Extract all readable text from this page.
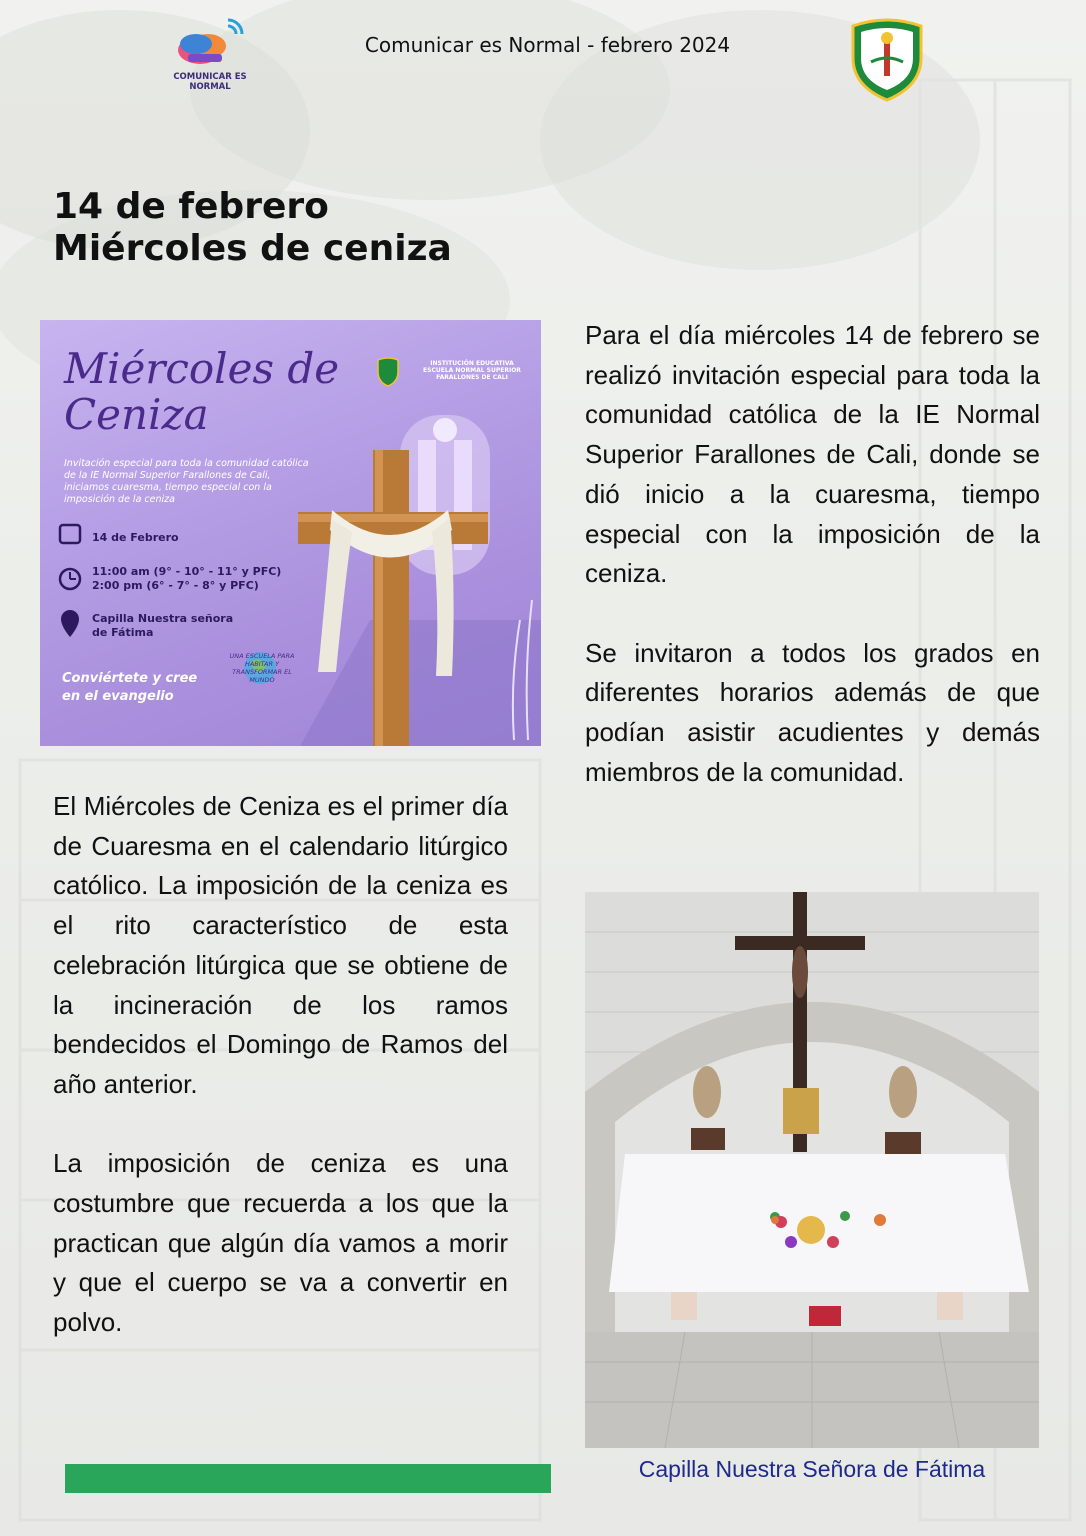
COMUNICAR ES NORMAL
Comunicar es Normal - febrero 2024
14 de febrero
Miércoles de ceniza
Miércoles de
Ceniza
INSTITUCIÓN EDUCATIVA ESCUELA NORMAL SUPERIOR FARALLONES DE CALI
Invitación especial para toda la comunidad católica de la IE Normal Superior Farallones de Cali, iniciamos cuaresma, tiempo especial con la imposición de la ceniza
14 de Febrero
11:00 am (9° - 10° - 11° y PFC)
2:00 pm (6° - 7° - 8° y PFC)
Capilla Nuestra señora
de Fátima
Conviértete y cree
en el evangelio
UNA ESCUELA PARA HABITAR Y TRANSFORMAR EL MUNDO

Para el día miércoles 14 de febrero se realizó invitación especial para toda la comunidad católica de la IE Normal Superior Farallones de Cali, donde se dió inicio a la cuaresma, tiempo especial con la imposición de la ceniza.

Se invitaron a todos los grados en diferentes horarios además de que podían asistir acudientes y demás miembros de la comunidad.

El Miércoles de Ceniza es el primer día de Cuaresma en el calendario litúrgico católico. La imposición de la ceniza es el rito característico de esta celebración litúrgica que se obtiene de la incineración de los ramos bendecidos el Domingo de Ramos del año anterior.

La imposición de ceniza es una costumbre que recuerda a los que la practican que algún día vamos a morir y que el cuerpo se va a convertir en polvo.

Capilla Nuestra Señora de Fátima
